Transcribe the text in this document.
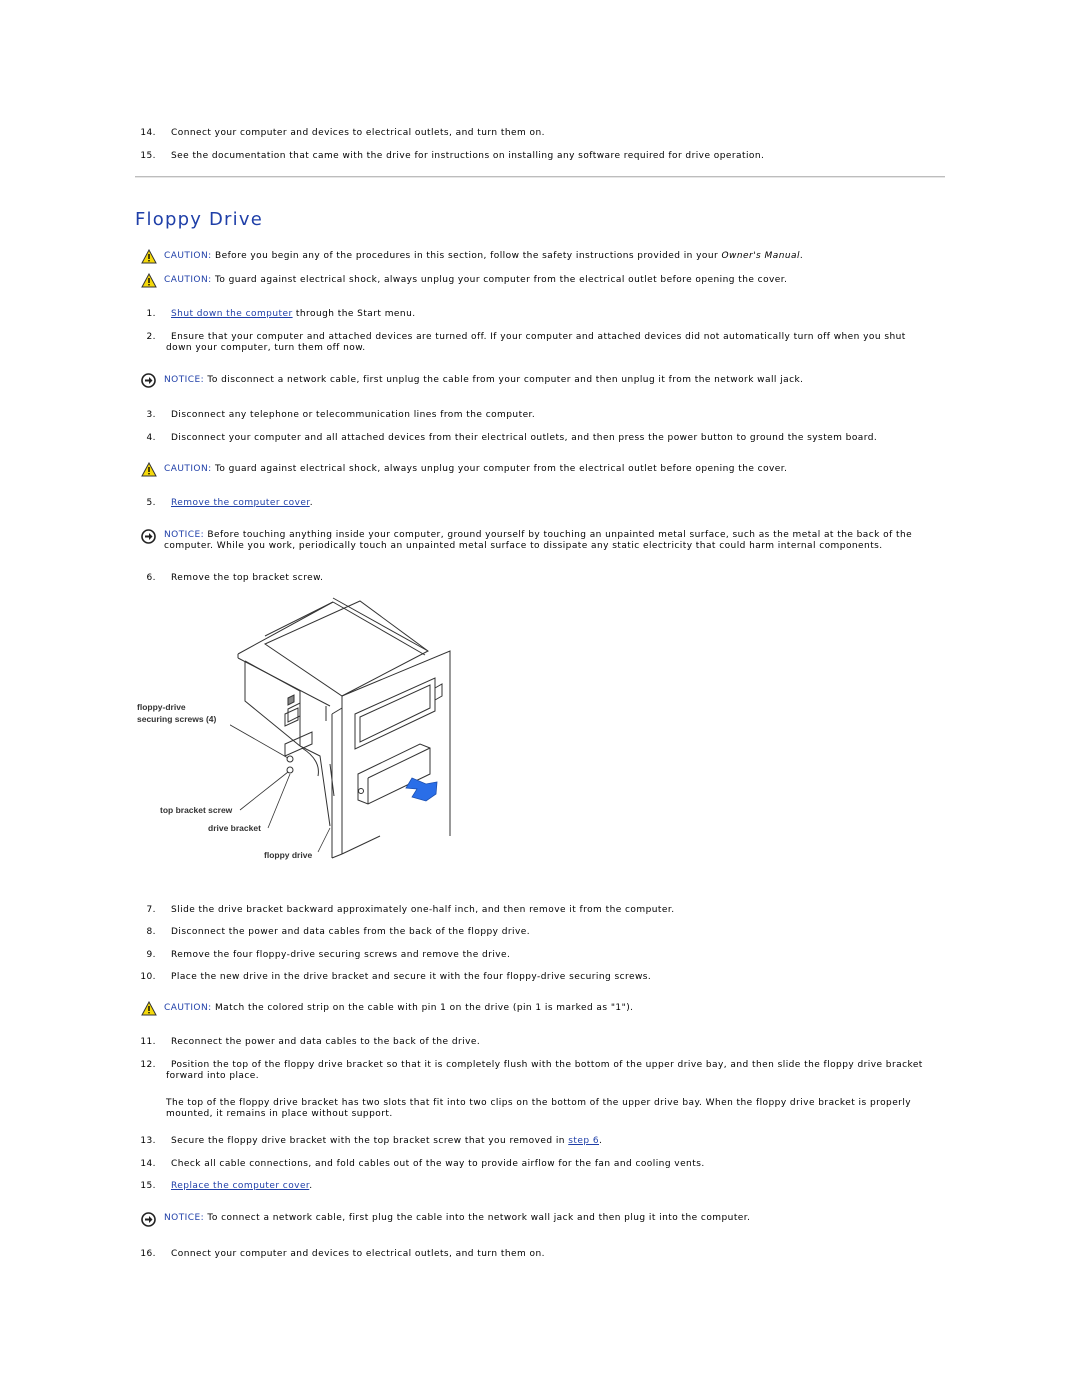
14. Connect your computer and devices to electrical outlets, and turn them on.
15. See the documentation that came with the drive for instructions on installing any software required for drive operation.
Floppy Drive
CAUTION: Before you begin any of the procedures in this section, follow the safety instructions provided in your Owner's Manual.
CAUTION: To guard against electrical shock, always unplug your computer from the electrical outlet before opening the cover.
1. Shut down the computer through the Start menu.
2. Ensure that your computer and attached devices are turned off. If your computer and attached devices did not automatically turn off when you shut
down your computer, turn them off now.
NOTICE: To disconnect a network cable, first unplug the cable from your computer and then unplug it from the network wall jack.
3. Disconnect any telephone or telecommunication lines from the computer.
4. Disconnect your computer and all attached devices from their electrical outlets, and then press the power button to ground the system board.
CAUTION: To guard against electrical shock, always unplug your computer from the electrical outlet before opening the cover.
5. Remove the computer cover.
NOTICE: Before touching anything inside your computer, ground yourself by touching an unpainted metal surface, such as the metal at the back of the
computer. While you work, periodically touch an unpainted metal surface to dissipate any static electricity that could harm internal components.
6. Remove the top bracket screw.
floppy-drive
securing screws (4)
top bracket screw
drive bracket
floppy drive
7. Slide the drive bracket backward approximately one-half inch, and then remove it from the computer.
8. Disconnect the power and data cables from the back of the floppy drive.
9. Remove the four floppy-drive securing screws and remove the drive.
10. Place the new drive in the drive bracket and secure it with the four floppy-drive securing screws.
CAUTION: Match the colored strip on the cable with pin 1 on the drive (pin 1 is marked as "1").
11. Reconnect the power and data cables to the back of the drive.
12. Position the top of the floppy drive bracket so that it is completely flush with the bottom of the upper drive bay, and then slide the floppy drive bracket
forward into place.
The top of the floppy drive bracket has two slots that fit into two clips on the bottom of the upper drive bay. When the floppy drive bracket is properly
mounted, it remains in place without support.
13. Secure the floppy drive bracket with the top bracket screw that you removed in step 6.
14. Check all cable connections, and fold cables out of the way to provide airflow for the fan and cooling vents.
15. Replace the computer cover.
NOTICE: To connect a network cable, first plug the cable into the network wall jack and then plug it into the computer.
16. Connect your computer and devices to electrical outlets, and turn them on.
